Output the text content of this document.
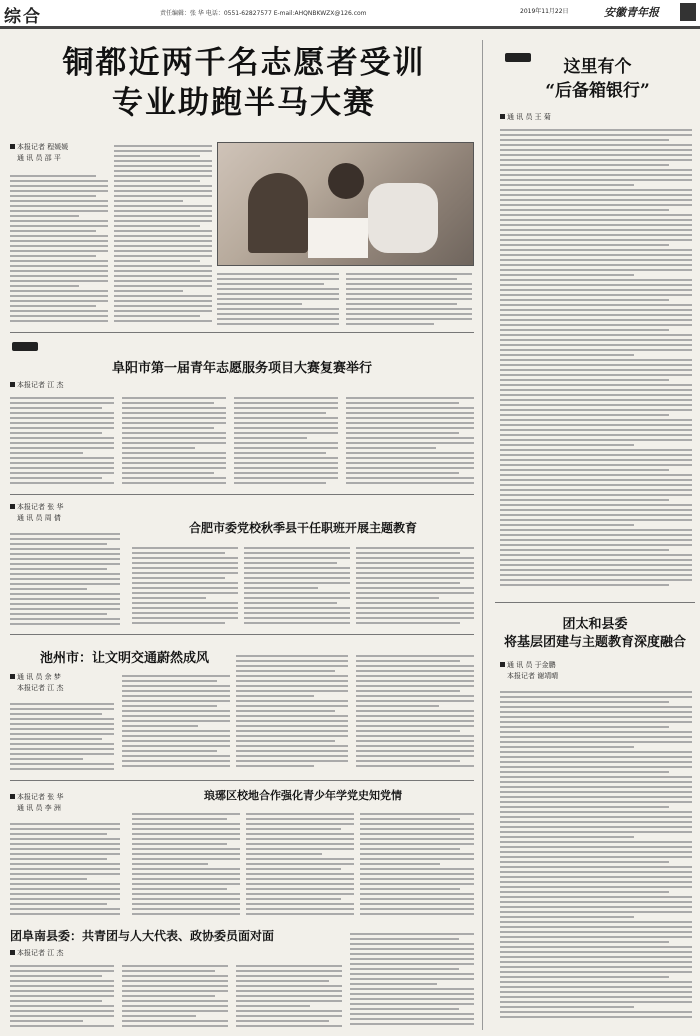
综合	责任编辑：张 华 电话：0551-62827577 E-mail:AHQNBKWZX@126.com	2019年11月22日	安徽青年报
铜都近两千名志愿者受训
专业助跑半马大赛
本报记者 程媛媛
通 讯 员 邵 平
这里有个
“后备箱银行”
通 讯 员 王 菊
团太和县委
将基层团建与主题教育深度融合
通 讯 员 于金鹏
本报记者 谢靖晴
阜阳市第一届青年志愿服务项目大赛复赛举行
本报记者 江 杰
本报记者 张 华
通 讯 员 周 倩
合肥市委党校秋季县干任职班开展主题教育
池州市：让文明交通蔚然成风
通 讯 员 余 梦
本报记者 江 杰
本报记者 张 华
通 讯 员 李 洲
琅琊区校地合作强化青少年学党史知党情
团阜南县委：共青团与人大代表、政协委员面对面
本报记者 江 杰
